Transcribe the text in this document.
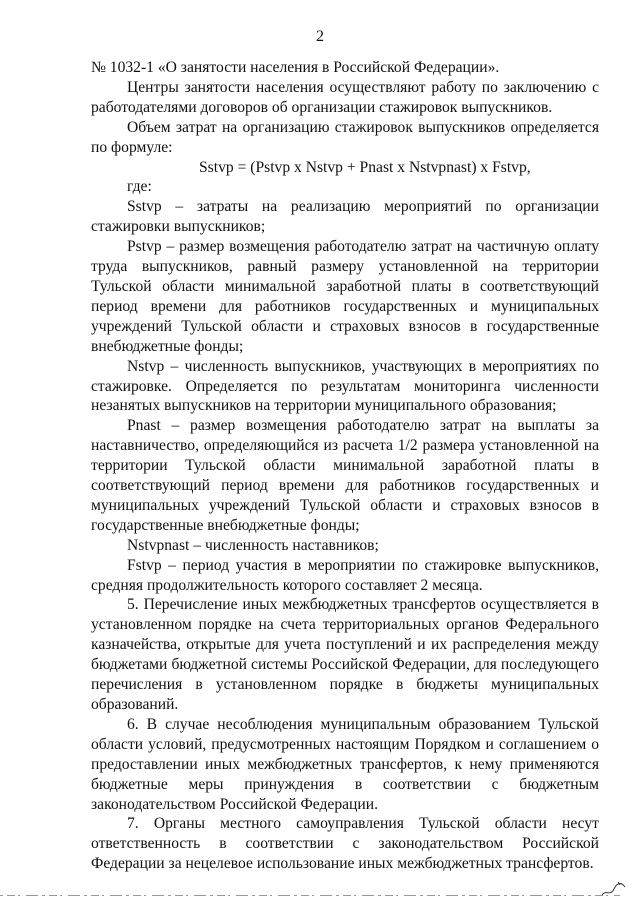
2

№ 1032-1 «О занятости населения в Российской Федерации».

Центры занятости населения осуществляют работу по заключению с работодателями договоров об организации стажировок выпускников.

Объем затрат на организацию стажировок выпускников определяется по формуле:

Sstvp = (Pstvp x Nstvp + Pnast x Nstvpnast) x Fstvp,

где:

Sstvp – затраты на реализацию мероприятий по организации стажировки выпускников;

Pstvp – размер возмещения работодателю затрат на частичную оплату труда выпускников, равный размеру установленной на территории Тульской области минимальной заработной платы в соответствующий период времени для работников государственных и муниципальных учреждений Тульской области и страховых взносов в государственные внебюджетные фонды;

Nstvp – численность выпускников, участвующих в мероприятиях по стажировке. Определяется по результатам мониторинга численности незанятых выпускников на территории муниципального образования;

Pnast – размер возмещения работодателю затрат на выплаты за наставничество, определяющийся из расчета 1/2 размера установленной на территории Тульской области минимальной заработной платы в соответствующий период времени для работников государственных и муниципальных учреждений Тульской области и страховых взносов в государственные внебюджетные фонды;

Nstvpnast – численность наставников;

Fstvp – период участия в мероприятии по стажировке выпускников, средняя продолжительность которого составляет 2 месяца.

5. Перечисление иных межбюджетных трансфертов осуществляется в установленном порядке на счета территориальных органов Федерального казначейства, открытые для учета поступлений и их распределения между бюджетами бюджетной системы Российской Федерации, для последующего перечисления в установленном порядке в бюджеты муниципальных образований.

6. В случае несоблюдения муниципальным образованием Тульской области условий, предусмотренных настоящим Порядком и соглашением о предоставлении иных межбюджетных трансфертов, к нему применяются бюджетные меры принуждения в соответствии с бюджетным законодательством Российской Федерации.

7. Органы местного самоуправления Тульской области несут ответственность в соответствии с законодательством Российской Федерации за нецелевое использование иных межбюджетных трансфертов.
